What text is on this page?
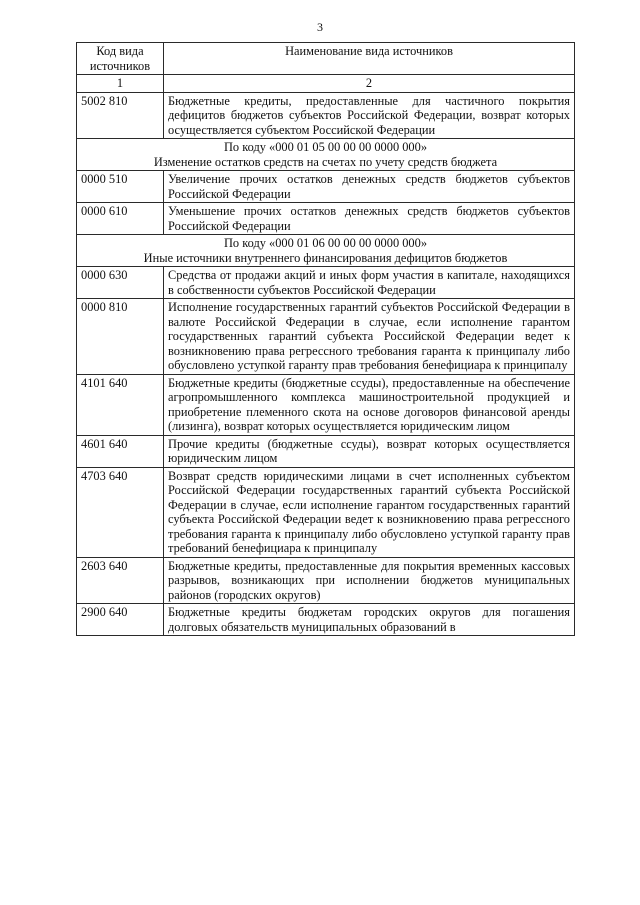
3
Код вида источников	Наименование вида источников
1	2
5002 810	Бюджетные кредиты, предоставленные для частичного покрытия дефицитов бюджетов субъектов Российской Федерации, возврат которых осуществляется субъектом Российской Федерации

По коду «000 01 05 00 00 00 0000 000»
Изменение остатков средств на счетах по учету средств бюджета	

0000 510	Увеличение прочих остатков денежных средств бюджетов субъектов Российской Федерации
0000 610	Уменьшение прочих остатков денежных средств бюджетов субъектов Российской Федерации

По коду «000 01 06 00 00 00 0000 000»
Иные источники внутреннего финансирования дефицитов бюджетов	

0000 630	Средства от продажи акций и иных форм участия в капитале, находящихся в собственности субъектов Российской Федерации
0000 810	Исполнение государственных гарантий субъектов Российской Федерации в валюте Российской Федерации в случае, если исполнение гарантом государственных гарантий субъекта Российской Федерации ведет к возникновению права регрессного требования гаранта к принципалу либо обусловлено уступкой гаранту прав требования бенефициара к принципалу
4101 640	Бюджетные кредиты (бюджетные ссуды), предоставленные на обеспечение агропромышленного комплекса машиностроительной продукцией и приобретение племенного скота на основе договоров финансовой аренды (лизинга), возврат которых осуществляется юридическим лицом
4601 640	Прочие кредиты (бюджетные ссуды), возврат которых осуществляется юридическим лицом
4703 640	Возврат средств юридическими лицами в счет исполненных субъектом Российской Федерации государственных гарантий субъекта Российской Федерации в случае, если исполнение гарантом государственных гарантий субъекта Российской Федерации ведет к возникновению права регрессного требования гаранта к принципалу либо обусловлено уступкой гаранту прав требований бенефициара к принципалу
2603 640	Бюджетные кредиты, предоставленные для покрытия временных кассовых разрывов, возникающих при исполнении бюджетов муниципальных районов (городских округов)
2900 640	Бюджетные кредиты бюджетам городских округов для погашения долговых обязательств муниципальных образований в
